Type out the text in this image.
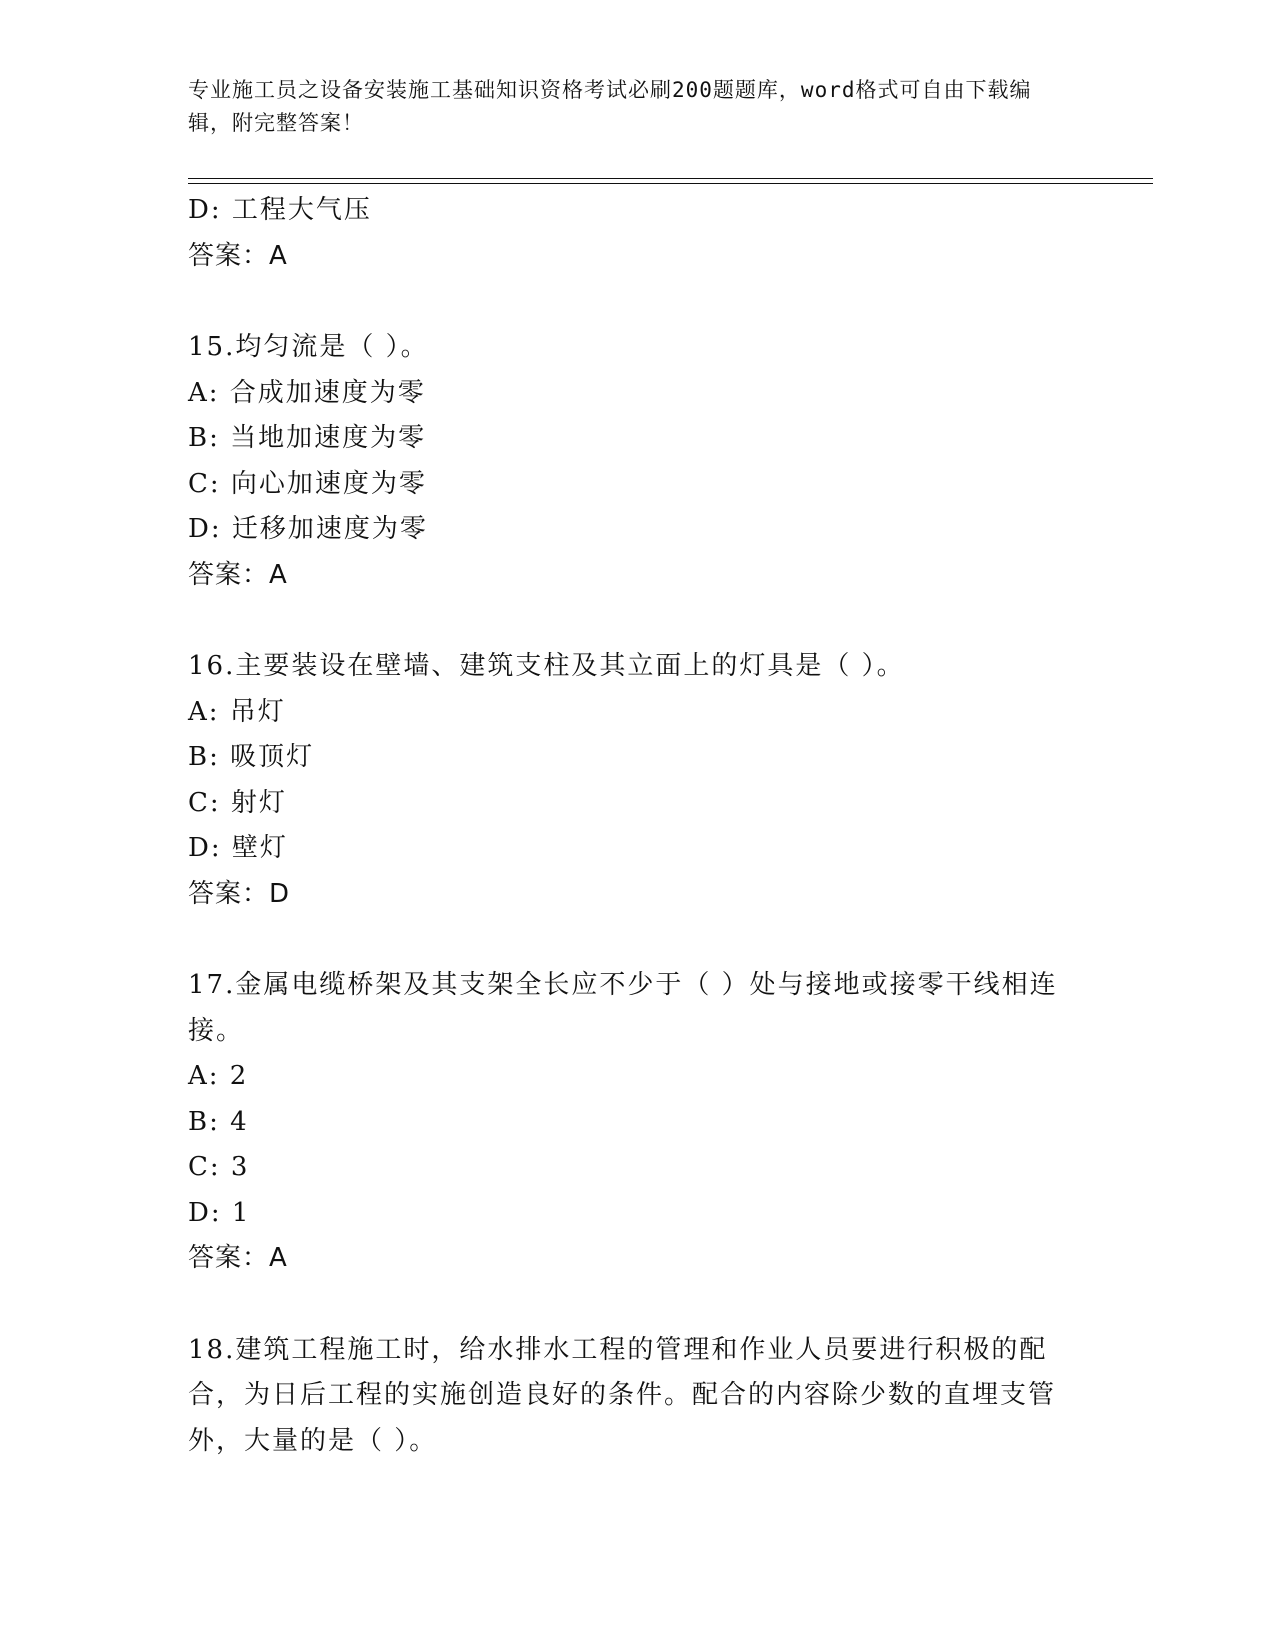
专业施工员之设备安装施工基础知识资格考试必刷200题题库，word格式可自由下载编辑，附完整答案！
D: 工程大气压
答案：A
15.均匀流是（ ）。
A: 合成加速度为零
B: 当地加速度为零
C: 向心加速度为零
D: 迁移加速度为零
答案：A
16.主要装设在壁墙、建筑支柱及其立面上的灯具是（ ）。
A: 吊灯
B: 吸顶灯
C: 射灯
D: 壁灯
答案：D
17.金属电缆桥架及其支架全长应不少于（ ）处与接地或接零干线相连接。
A: 2
B: 4
C: 3
D: 1
答案：A
18.建筑工程施工时，给水排水工程的管理和作业人员要进行积极的配合，为日后工程的实施创造良好的条件。配合的内容除少数的直埋支管外，大量的是（ ）。
